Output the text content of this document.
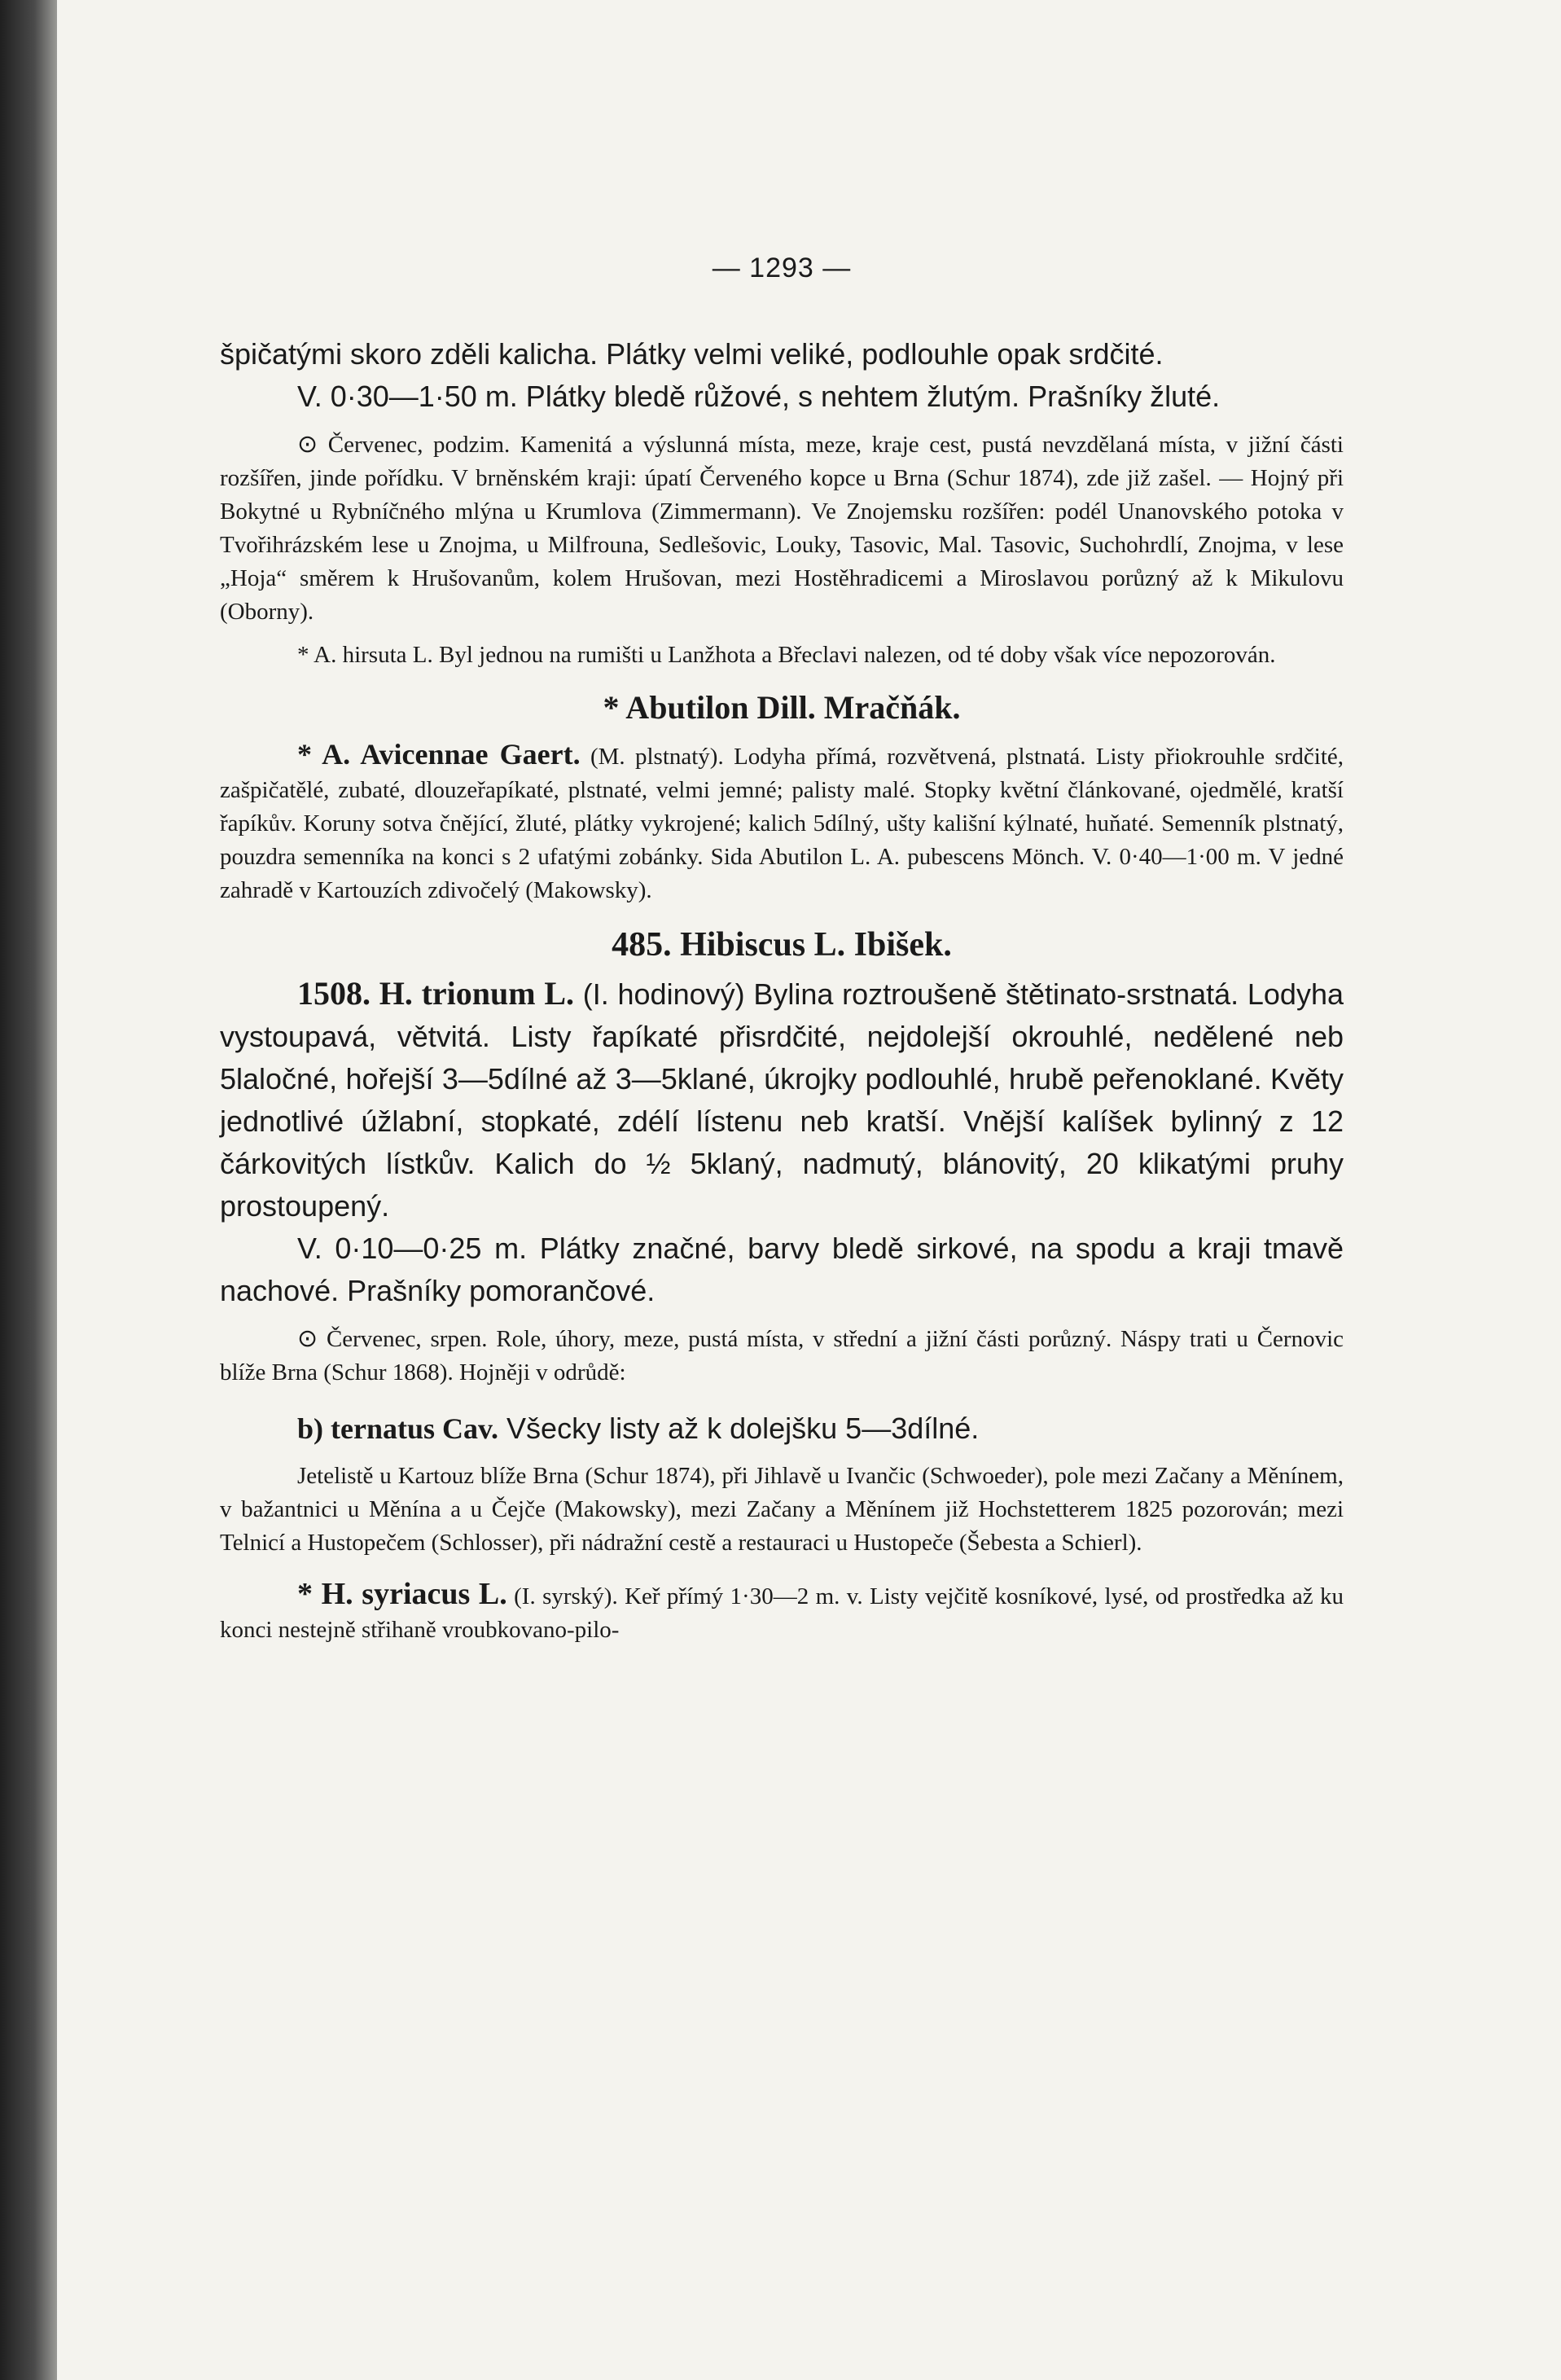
— 1293 —

špičatými skoro zděli kalicha. Plátky velmi veliké, podlouhle opak srdčité.

V. 0·30—1·50 m. Plátky bledě růžové, s nehtem žlutým. Prašníky žluté.

⊙ Červenec, podzim. Kamenitá a výslunná místa, meze, kraje cest, pustá nevzdělaná místa, v jižní části rozšířen, jinde pořídku. V brněnském kraji: úpatí Červeného kopce u Brna (Schur 1874), zde již zašel. — Hojný při Bokytné u Rybníčného mlýna u Krumlova (Zimmermann). Ve Znojemsku rozšířen: podél Unanovského potoka v Tvořihrázském lese u Znojma, u Milfrouna, Sedlešovic, Louky, Tasovic, Mal. Tasovic, Suchohrdlí, Znojma, v lese „Hoja“ směrem k Hrušovanům, kolem Hrušovan, mezi Hostěhradicemi a Miroslavou porůzný až k Mikulovu (Oborny).

* A. hirsuta L. Byl jednou na rumišti u Lanžhota a Břeclavi nalezen, od té doby však více nepozorován.

* Abutilon Dill. Mračňák.

* A. Avicennae Gaert. (M. plstnatý). Lodyha přímá, rozvětvená, plstnatá. Listy přiokrouhle srdčité, zašpičatělé, zubaté, dlouzeřapíkaté, plstnaté, velmi jemné; palisty malé. Stopky květní článkované, ojedmělé, kratší řapíkův. Koruny sotva čnějící, žluté, plátky vykrojené; kalich 5dílný, ušty kališní kýlnaté, huňaté. Semenník plstnatý, pouzdra semenníka na konci s 2 ufatými zobánky. Sida Abutilon L. A. pubescens Mönch. V. 0·40—1·00 m. V jedné zahradě v Kartouzích zdivočelý (Makowsky).

485. Hibiscus L. Ibišek.

1508. H. trionum L. (I. hodinový) Bylina roztroušeně štětinato-srstnatá. Lodyha vystoupavá, větvitá. Listy řapíkaté přisrdčité, nejdolejší okrouhlé, nedělené neb 5laločné, hořejší 3—5dílné až 3—5klané, úkrojky podlouhlé, hrubě peřenoklané. Květy jednotlivé úžlabní, stopkaté, zdélí lístenu neb kratší. Vnější kalíšek bylinný z 12 čárkovitých lístkův. Kalich do ½ 5klaný, nadmutý, blánovitý, 20 klikatými pruhy prostoupený.

V. 0·10—0·25 m. Plátky značné, barvy bledě sirkové, na spodu a kraji tmavě nachové. Prašníky pomorančové.

⊙ Červenec, srpen. Role, úhory, meze, pustá místa, v střední a jižní části porůzný. Náspy trati u Černovic blíže Brna (Schur 1868). Hojněji v odrůdě:

b) ternatus Cav. Všecky listy až k dolejšku 5—3dílné.

Jetelistě u Kartouz blíže Brna (Schur 1874), při Jihlavě u Ivančic (Schwoeder), pole mezi Začany a Měnínem, v bažantnici u Měnína a u Čejče (Makowsky), mezi Začany a Měnínem již Hochstetterem 1825 pozorován; mezi Telnicí a Hustopečem (Schlosser), při nádražní cestě a restauraci u Hustopeče (Šebesta a Schierl).

* H. syriacus L. (I. syrský). Keř přímý 1·30—2 m. v. Listy vejčitě kosníkové, lysé, od prostředka až ku konci nestejně střihaně vroubkovano-pilo-
